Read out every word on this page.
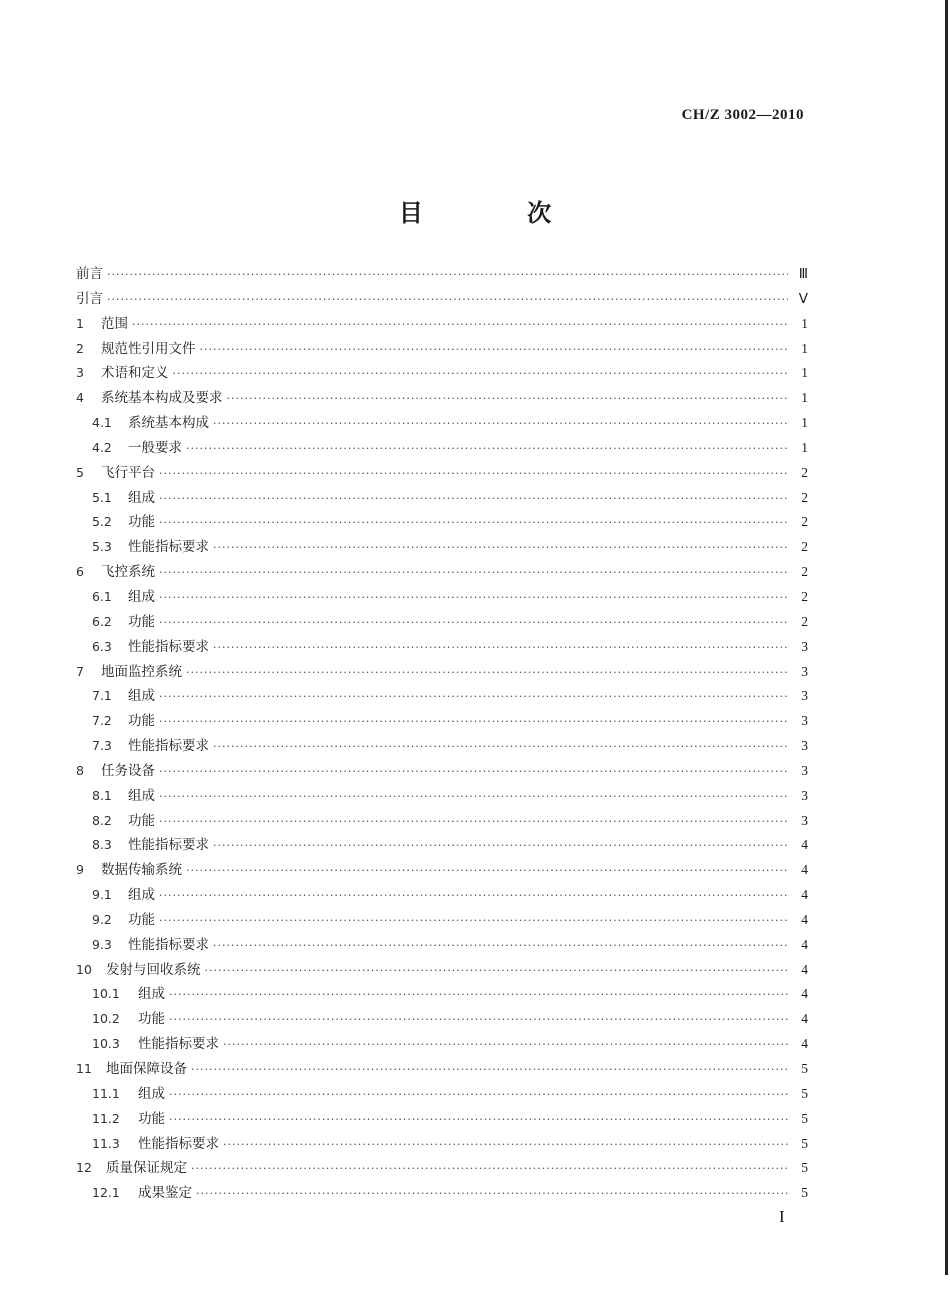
CH/Z 3002—2010
目 次
前言 ·····	Ⅲ
引言 ·····	Ⅴ
1	范围 ·····	1
2	规范性引用文件 ·····	1
3	术语和定义 ·····	1
4	系统基本构成及要求 ·····	1
4.1	系统基本构成 ·····	1
4.2	一般要求 ·····	1
5	飞行平台 ·····	2
5.1	组成 ·····	2
5.2	功能 ·····	2
5.3	性能指标要求 ·····	2
6	飞控系统 ·····	2
6.1	组成 ·····	2
6.2	功能 ·····	2
6.3	性能指标要求 ·····	3
7	地面监控系统 ·····	3
7.1	组成 ·····	3
7.2	功能 ·····	3
7.3	性能指标要求 ·····	3
8	任务设备 ·····	3
8.1	组成 ·····	3
8.2	功能 ·····	3
8.3	性能指标要求 ·····	4
9	数据传输系统 ·····	4
9.1	组成 ·····	4
9.2	功能 ·····	4
9.3	性能指标要求 ·····	4
10	发射与回收系统 ·····	4
10.1	组成 ·····	4
10.2	功能 ·····	4
10.3	性能指标要求 ·····	4
11	地面保障设备 ·····	5
11.1	组成 ·····	5
11.2	功能 ·····	5
11.3	性能指标要求 ·····	5
12	质量保证规定 ·····	5
12.1	成果鉴定 ·····	5
I
